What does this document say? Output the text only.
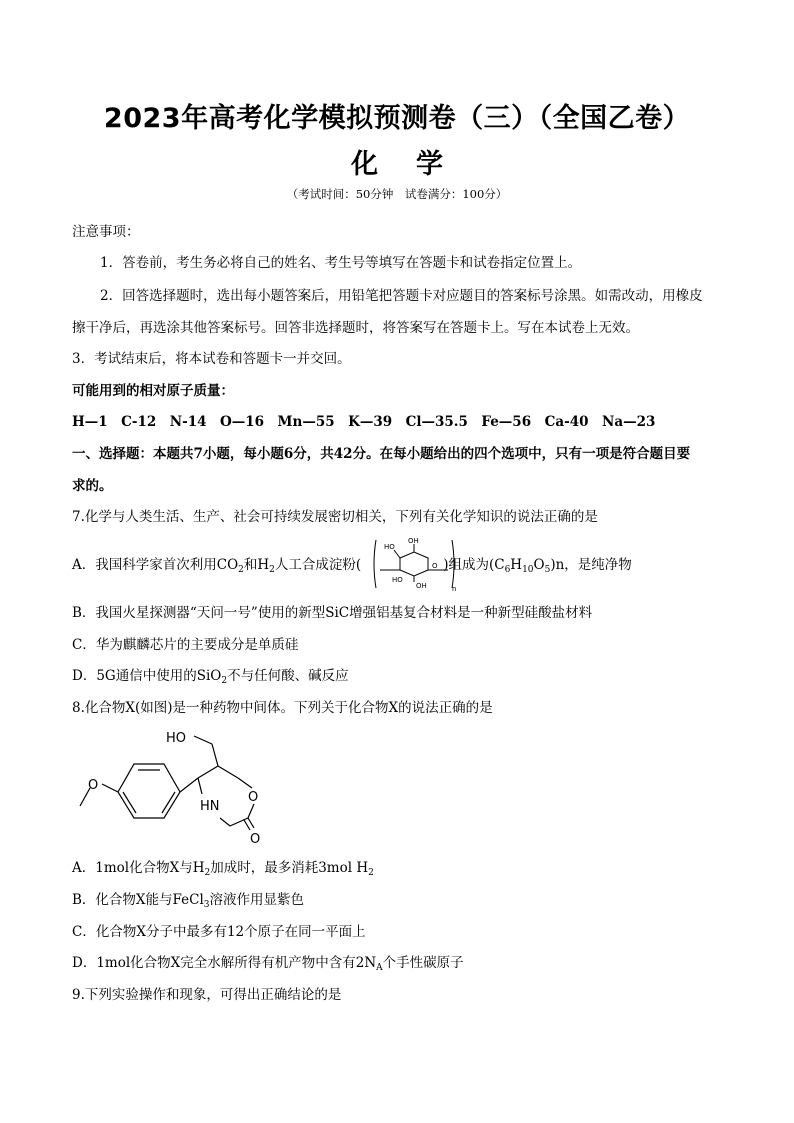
2023年高考化学模拟预测卷（三）（全国乙卷）
化 学
（考试时间：50分钟　试卷满分：100分）
注意事项：
1．答卷前，考生务必将自己的姓名、考生号等填写在答题卡和试卷指定位置上。
2．回答选择题时，选出每小题答案后，用铅笔把答题卡对应题目的答案标号涂黑。如需改动，用橡皮
擦干净后，再选涂其他答案标号。回答非选择题时，将答案写在答题卡上。写在本试卷上无效。
3．考试结束后，将本试卷和答题卡一并交回。
可能用到的相对原子质量：
H—1　C-12　N-14　O—16　Mn—55　K—39　Cl—35.5　Fe—56　Ca-40　Na—23
一、选择题：本题共7小题，每小题6分，共42分。在每小题给出的四个选项中，只有一项是符合题目要
求的。
7.化学与人类生活、生产、社会可持续发展密切相关，下列有关化学知识的说法正确的是
A．我国科学家首次利用$CO_2$和$H_2$人工合成淀粉(	)组成为$(C_6H_{10}O_5)n$，是纯净物
OH
HO
HO
OH
O
n
B．我国火星探测器“天问一号”使用的新型SiC增强铝基复合材料是一种新型硅酸盐材料
C．华为麒麟芯片的主要成分是单质硅
D．5G通信中使用的SiO$_2$不与任何酸、碱反应
8.化合物X(如图)是一种药物中间体。下列关于化合物X的说法正确的是
O
HO
O
HN
O
A．1mol化合物X与$H_2$加成时，最多消耗3mol $H_2$
B．化合物X能与FeCl$_3$溶液作用显紫色
C．化合物X分子中最多有12个原子在同一平面上
D．1mol化合物X完全水解所得有机产物中含有$2N_A$个手性碳原子
9.下列实验操作和现象，可得出正确结论的是
